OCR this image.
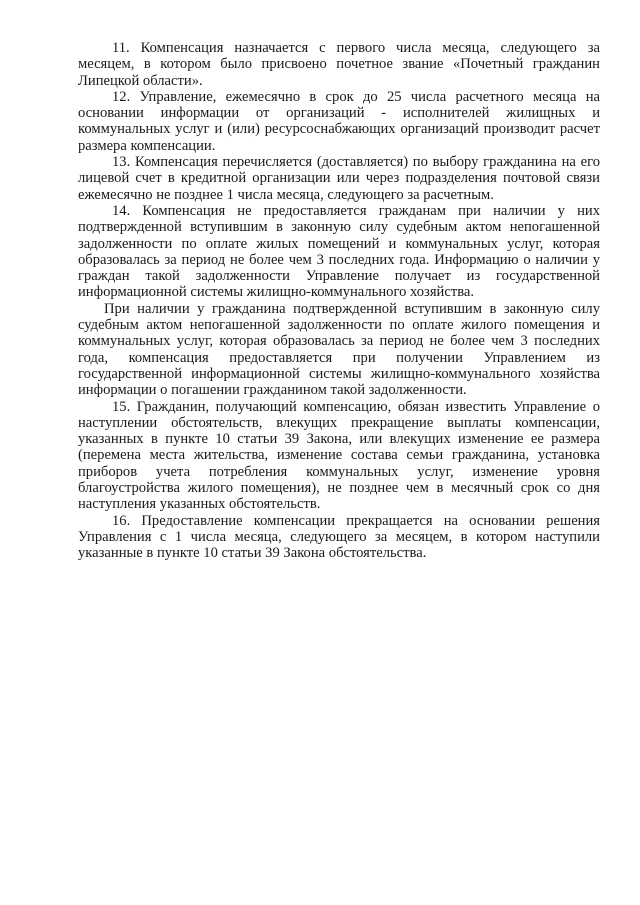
11. Компенсация назначается с первого числа месяца, следующего за месяцем, в котором было присвоено почетное звание «Почетный гражданин Липецкой области».

12. Управление, ежемесячно в срок до 25 числа расчетного месяца на основании информации от организаций - исполнителей жилищных и коммунальных услуг и (или) ресурсоснабжающих организаций производит расчет размера компенсации.

13. Компенсация перечисляется (доставляется) по выбору гражданина на его лицевой счет в кредитной организации или через подразделения почтовой связи ежемесячно не позднее 1 числа месяца, следующего за расчетным.

14. Компенсация не предоставляется гражданам при наличии у них подтвержденной вступившим в законную силу судебным актом непогашенной задолженности по оплате жилых помещений и коммунальных услуг, которая образовалась за период не более чем 3 последних года. Информацию о наличии у граждан такой задолженности Управление получает из государственной информационной системы жилищно-коммунального хозяйства.

При наличии у гражданина подтвержденной вступившим в законную силу судебным актом непогашенной задолженности по оплате жилого помещения и коммунальных услуг, которая образовалась за период не более чем 3 последних года, компенсация предоставляется при получении Управлением из государственной информационной системы жилищно-коммунального хозяйства информации о погашении гражданином такой задолженности.

15. Гражданин, получающий компенсацию, обязан известить Управление о наступлении обстоятельств, влекущих прекращение выплаты компенсации, указанных в пункте 10 статьи 39 Закона, или влекущих изменение ее размера (перемена места жительства, изменение состава семьи гражданина, установка приборов учета потребления коммунальных услуг, изменение уровня благоустройства жилого помещения), не позднее чем в месячный срок со дня наступления указанных обстоятельств.

16. Предоставление компенсации прекращается на основании решения Управления с 1 числа месяца, следующего за месяцем, в котором наступили указанные в пункте 10 статьи 39 Закона обстоятельства.
